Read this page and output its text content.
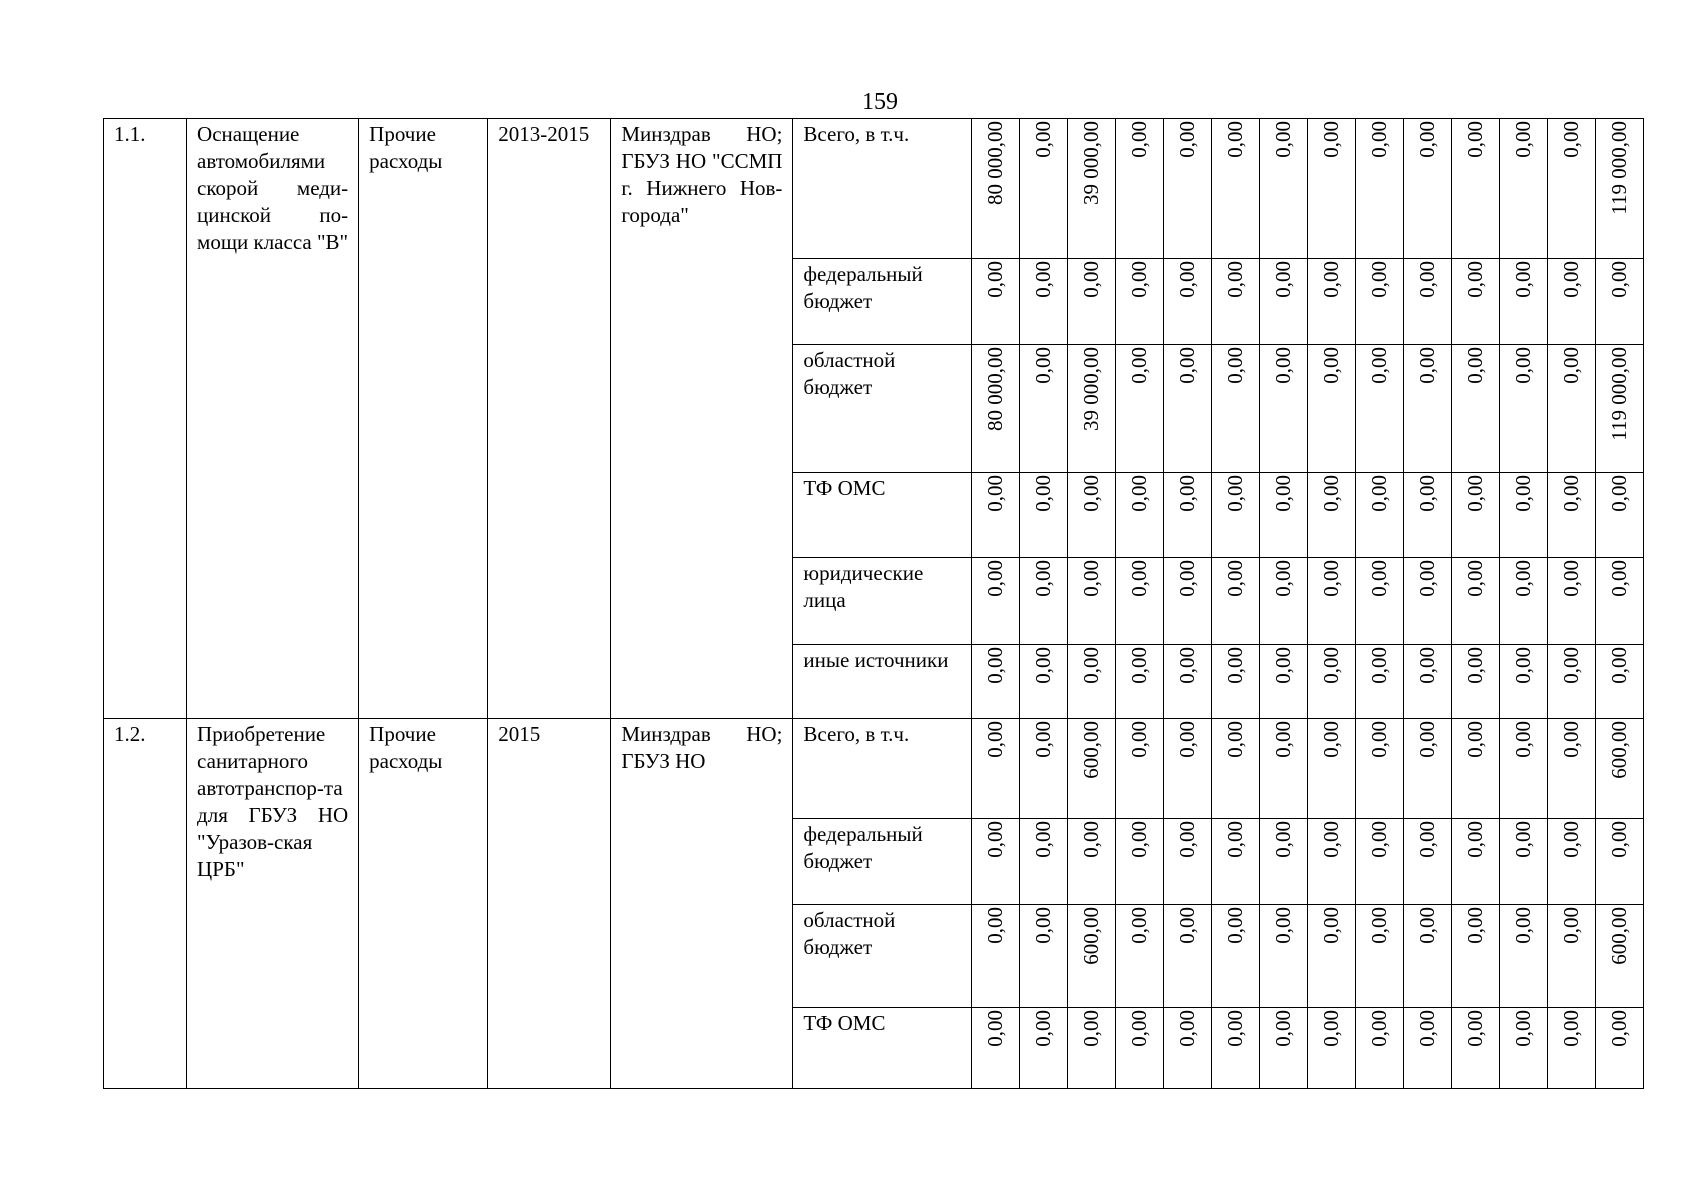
159
1.1.	Оснащение автомобилями скорой меди-цинской по-мощи класса "В"	Прочие расходы	2013-2015	Минздрав НО; ГБУЗ НО "ССМП г. Нижнего Нов-города"	Всего, в т.ч.	80 000,00	0,00	39 000,00	0,00	0,00	0,00	0,00	0,00	0,00	0,00	0,00	0,00	0,00	119 000,00
					федеральный бюджет	0,00	0,00	0,00	0,00	0,00	0,00	0,00	0,00	0,00	0,00	0,00	0,00	0,00	0,00
					областной бюджет	80 000,00	0,00	39 000,00	0,00	0,00	0,00	0,00	0,00	0,00	0,00	0,00	0,00	0,00	119 000,00
					ТФ ОМС	0,00	0,00	0,00	0,00	0,00	0,00	0,00	0,00	0,00	0,00	0,00	0,00	0,00	0,00
					юридические лица	0,00	0,00	0,00	0,00	0,00	0,00	0,00	0,00	0,00	0,00	0,00	0,00	0,00	0,00
					иные источники	0,00	0,00	0,00	0,00	0,00	0,00	0,00	0,00	0,00	0,00	0,00	0,00	0,00	0,00
1.2.	Приобретение санитарного автотранспор-та для ГБУЗ НО "Уразов-ская ЦРБ"	Прочие расходы	2015	Минздрав НО; ГБУЗ НО	Всего, в т.ч.	0,00	0,00	600,00	0,00	0,00	0,00	0,00	0,00	0,00	0,00	0,00	0,00	0,00	600,00
					федеральный бюджет	0,00	0,00	0,00	0,00	0,00	0,00	0,00	0,00	0,00	0,00	0,00	0,00	0,00	0,00
					областной бюджет	0,00	0,00	600,00	0,00	0,00	0,00	0,00	0,00	0,00	0,00	0,00	0,00	0,00	600,00
					ТФ ОМС	0,00	0,00	0,00	0,00	0,00	0,00	0,00	0,00	0,00	0,00	0,00	0,00	0,00	0,00
